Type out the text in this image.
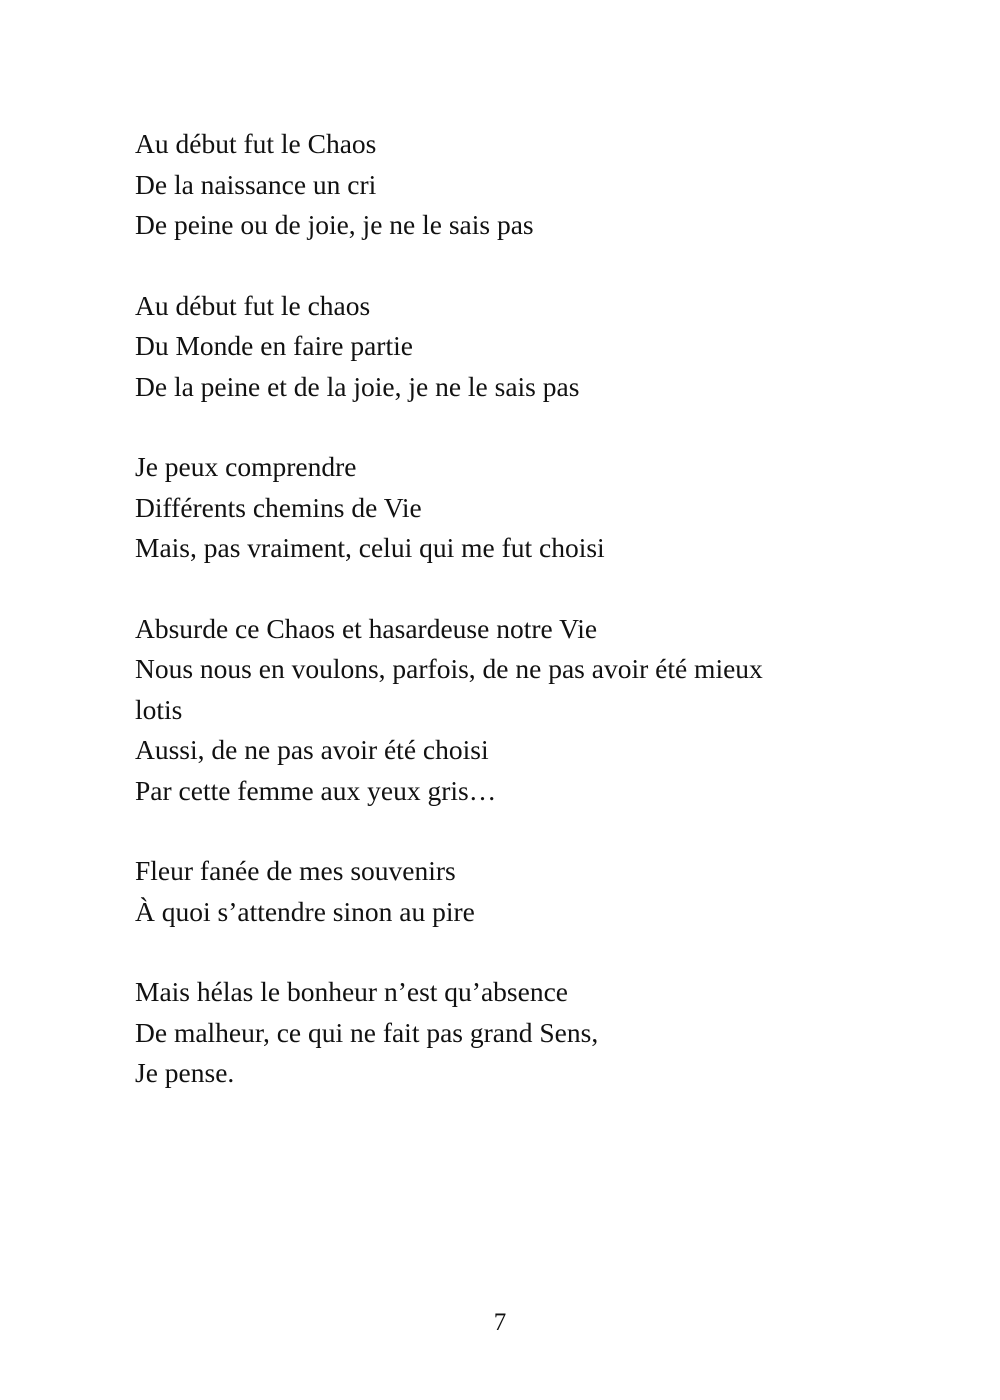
Au début fut le Chaos
De la naissance un cri
De peine ou de joie, je ne le sais pas
Au début fut le chaos
Du Monde en faire partie
De la peine et de la joie, je ne le sais pas
Je peux comprendre
Différents chemins de Vie
Mais, pas vraiment, celui qui me fut choisi
Absurde ce Chaos et hasardeuse notre Vie
Nous nous en voulons, parfois, de ne pas avoir été mieux
lotis
Aussi, de ne pas avoir été choisi
Par cette femme aux yeux gris…
Fleur fanée de mes souvenirs
À quoi s’attendre sinon au pire
Mais hélas le bonheur n’est qu’absence
De malheur, ce qui ne fait pas grand Sens,
Je pense.
7
